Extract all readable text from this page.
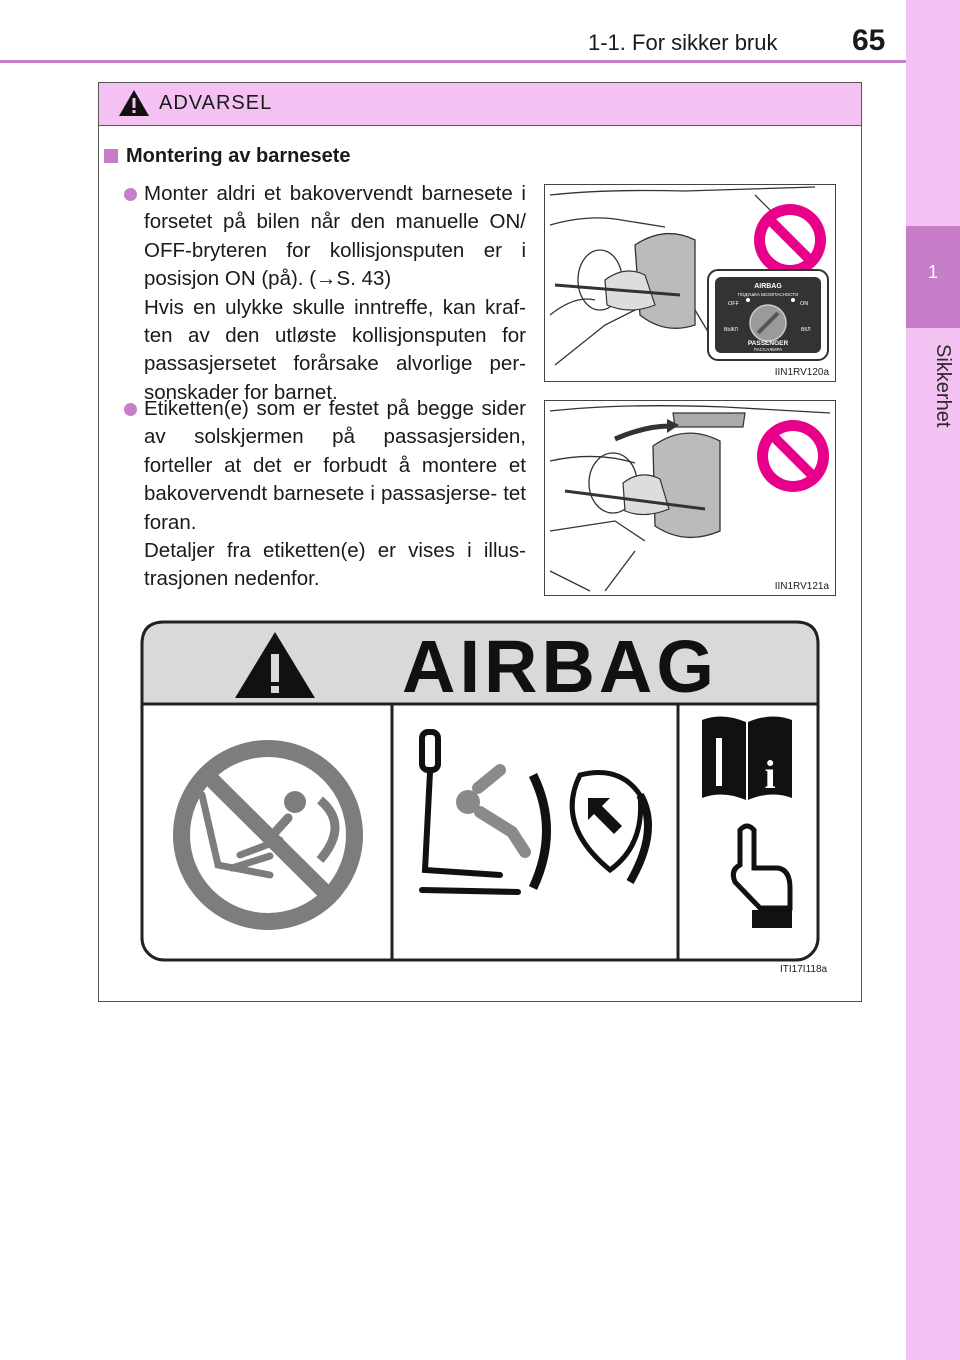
1-1. For sikker bruk 65
1
Sikkerhet
ADVARSEL
Montering av barnesete
Monter aldri et bakovervendt barnesete i forsetet på bilen når den manuelle ON/ OFF-bryteren for kollisjonsputen er i posisjon ON (på). (→S. 43)
Hvis en ulykke skulle inntreffe, kan kraf- ten av den utløste kollisjonsputen for passasjersetet forårsake alvorlige per- sonskader for barnet.
Etiketten(e) som er festet på begge sider av solskjermen på passasjersiden, forteller at det er forbudt å montere et bakovervendt barnesete i passasjerse- tet foran.
Detaljer fra etiketten(e) er vises i illus- trasjonen nedenfor.
AIRBAG
ПОДУШКА БЕЗОПАСНОСТИ
OFF	ON
ВЫКЛ	ВКЛ
PASSENGER
ПАССАЖИРА
IIN1RV120a
IIN1RV121a
AIRBAG
i
ITI17I118a
